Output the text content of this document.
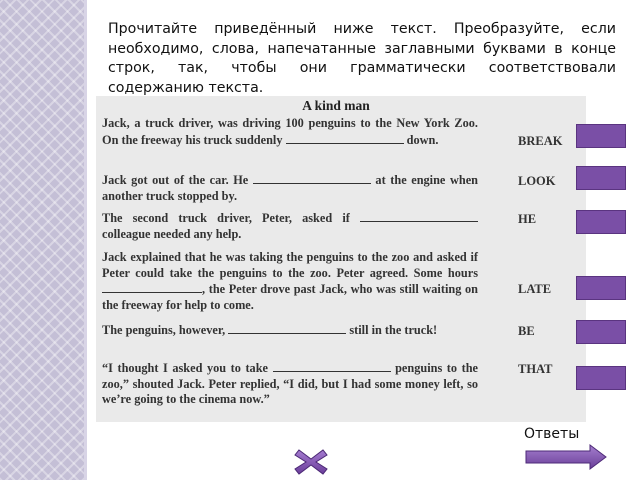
Прочитайте приведённый ниже текст. Преобразуйте, если необходимо, слова, напечатанные заглавными буквами в конце строк, так, чтобы они грамматически соответствовали содержанию текста.
A kind man
Jack, a truck driver, was driving 100 penguins to the New York Zoo. On the freeway his truck suddenly	down.
Jack got out of the car. He	at the engine when another truck stopped by.
The second truck driver, Peter, asked if  colleague needed any help.
Jack explained that he was taking the penguins to the zoo and asked if Peter could take the penguins to the zoo. Peter agreed. Some hours , the Peter drove past Jack, who was still waiting on the freeway for help to come.
The penguins, however,	still in the truck!
“I thought I asked you to take	penguins to the zoo,” shouted Jack. Peter replied, “I did, but I had some money left, so we’re going to the cinema now.”
BREAK
LOOK
HE
LATE
BE
THAT
Ответы
